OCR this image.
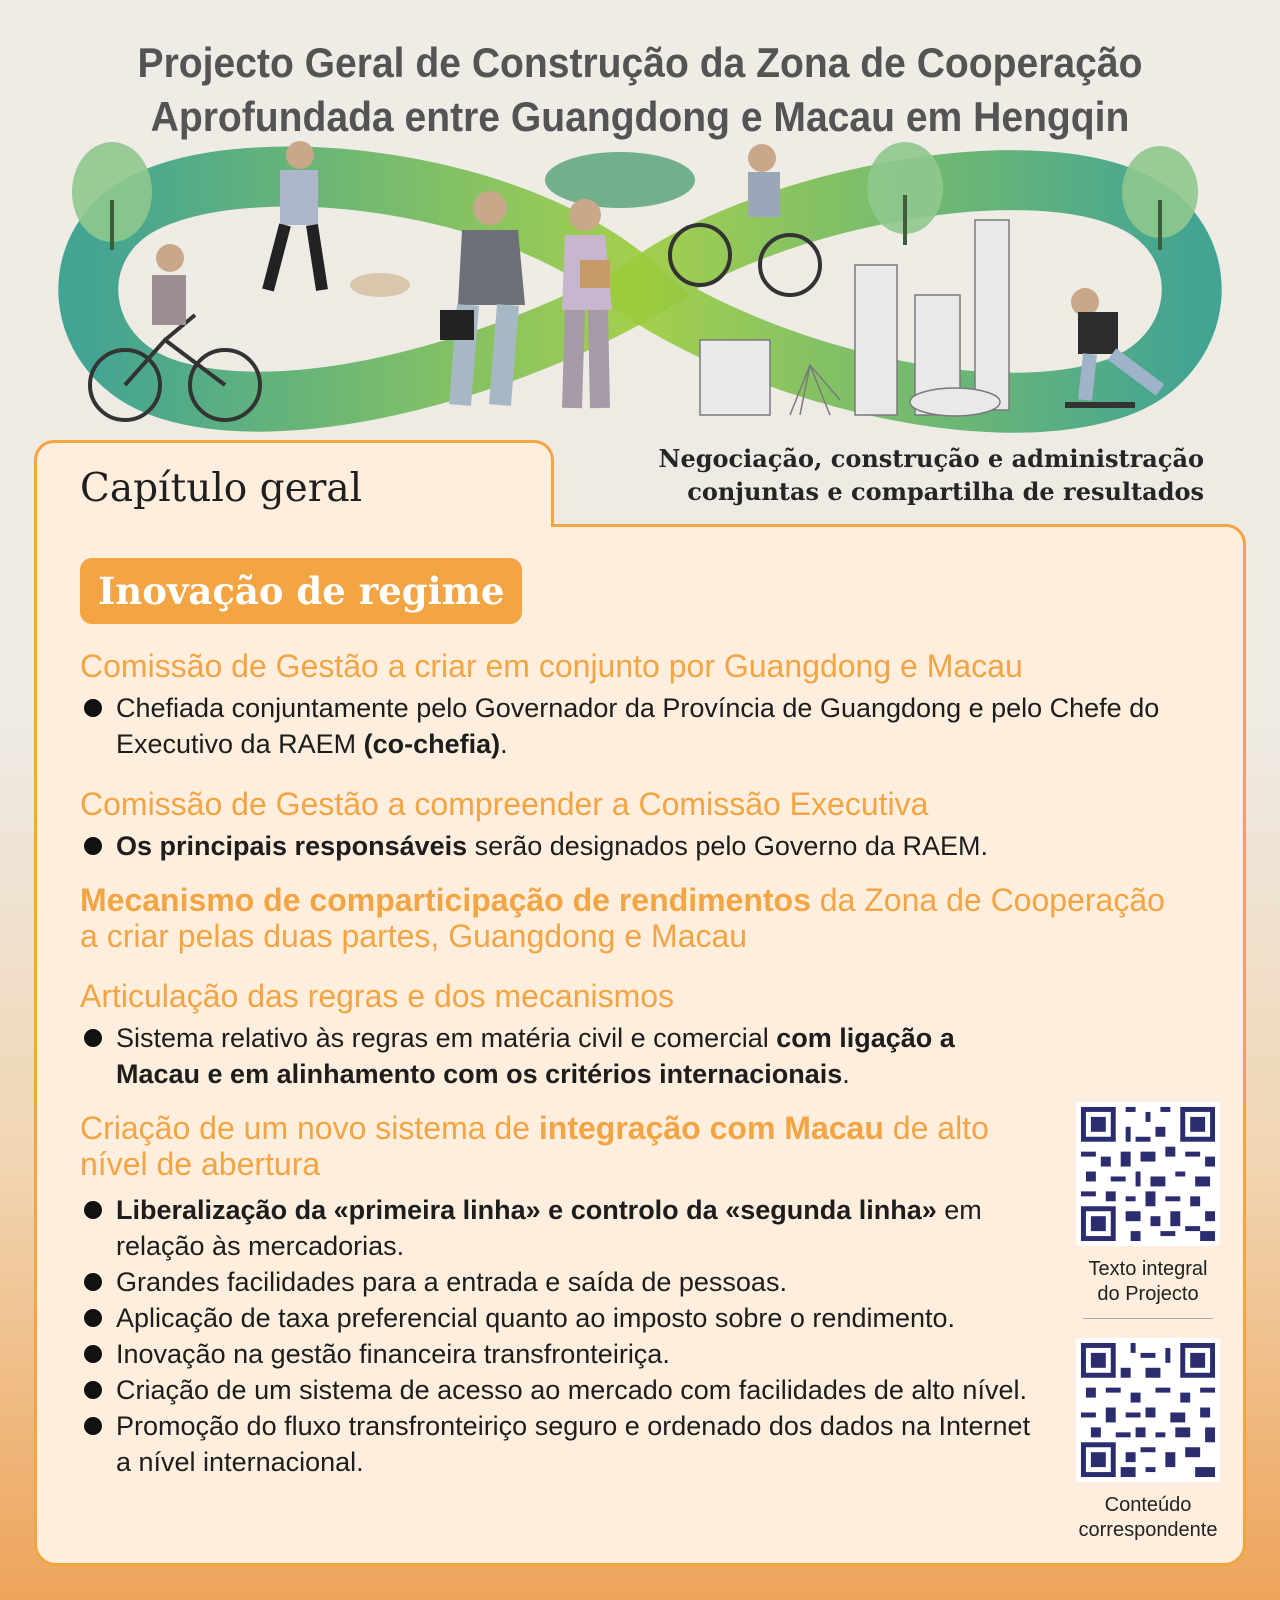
Projecto Geral de Construção da Zona de Cooperação
Aprofundada entre Guangdong e Macau em Hengqin
Capítulo geral
Negociação, construção e administração
conjuntas e compartilha de resultados
Inovação de regime

Comissão de Gestão a criar em conjunto por Guangdong e Macau

Chefiada conjuntamente pelo Governador da Província de Guangdong e pelo Chefe do Executivo da RAEM (co-chefia).

Comissão de Gestão a compreender a Comissão Executiva

Os principais responsáveis serão designados pelo Governo da RAEM.

Mecanismo de comparticipação de rendimentos da Zona de Cooperação a criar pelas duas partes, Guangdong e Macau

Articulação das regras e dos mecanismos

Sistema relativo às regras em matéria civil e comercial com ligação a Macau e em alinhamento com os critérios internacionais.

Criação de um novo sistema de integração com Macau de alto nível de abertura

Liberalização da «primeira linha» e controlo da «segunda linha» em relação às mercadorias.
Grandes facilidades para a entrada e saída de pessoas.
Aplicação de taxa preferencial quanto ao imposto sobre o rendimento.
Inovação na gestão financeira transfronteiriça.
Criação de um sistema de acesso ao mercado com facilidades de alto nível.
Promoção do fluxo transfronteiriço seguro e ordenado dos dados na Internet a nível internacional.
Texto integral
do Projecto
Conteúdo
correspondente
